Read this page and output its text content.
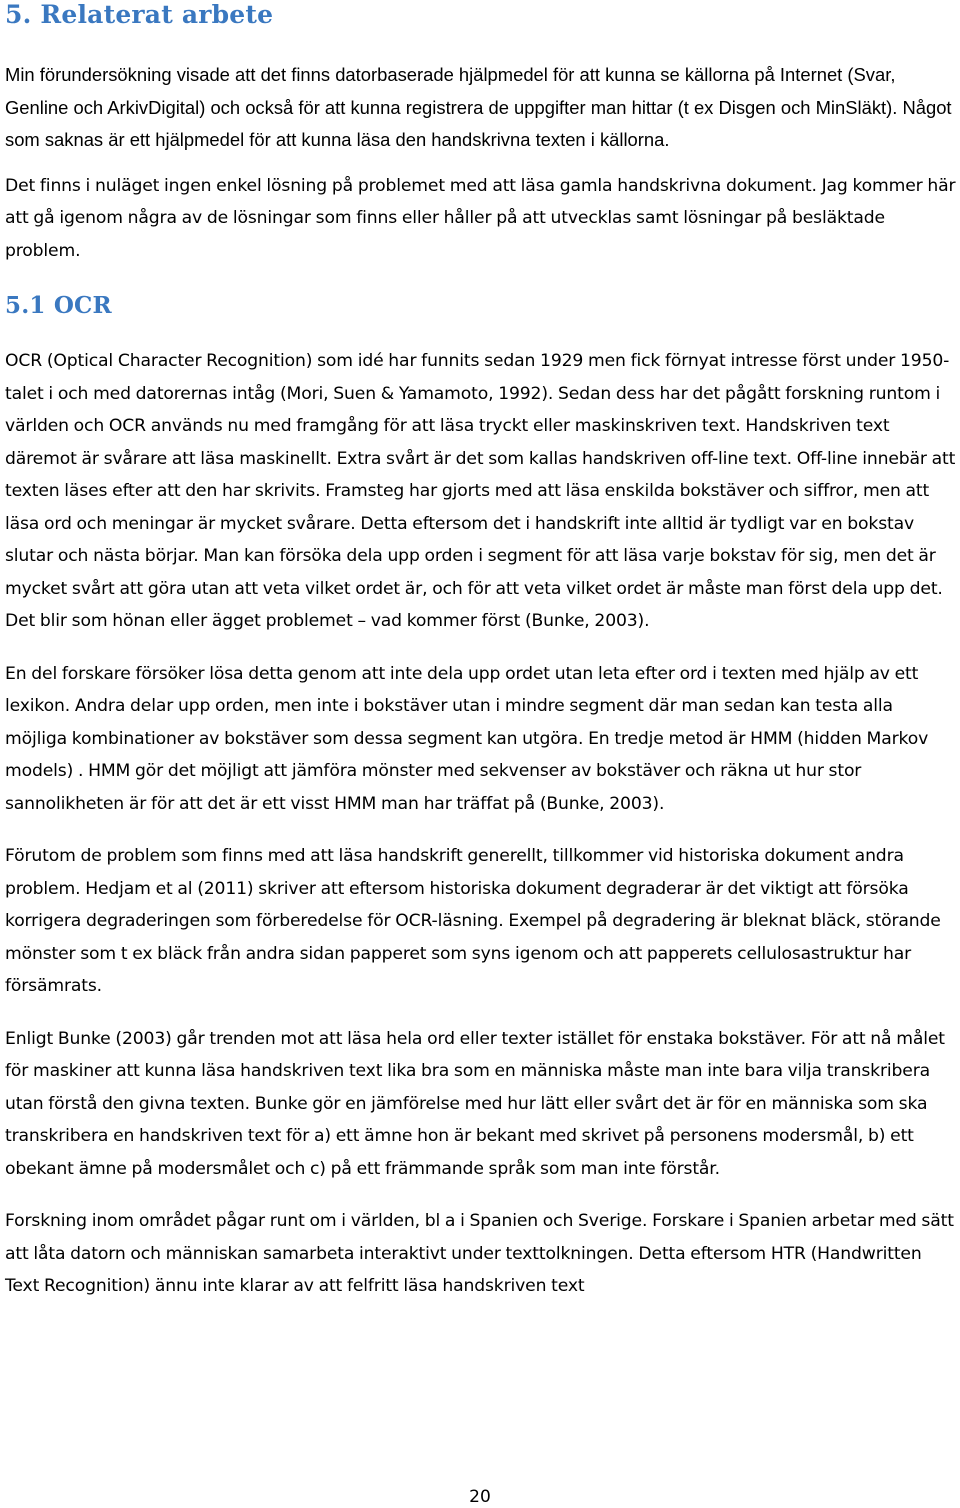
5. Relaterat arbete

Min förundersökning visade att det finns datorbaserade hjälpmedel för att kunna se källorna på Internet (Svar, Genline och ArkivDigital) och också för att kunna registrera de uppgifter man hittar (t ex Disgen och MinSläkt). Något som saknas är ett hjälpmedel för att kunna läsa den handskrivna texten i källorna.

Det finns i nuläget ingen enkel lösning på problemet med att läsa gamla handskrivna dokument. Jag kommer här att gå igenom några av de lösningar som finns eller håller på att utvecklas samt lösningar på besläktade problem.

5.1 OCR

OCR (Optical Character Recognition) som idé har funnits sedan 1929 men fick förnyat intresse först under 1950-talet i och med datorernas intåg (Mori, Suen & Yamamoto, 1992). Sedan dess har det pågått forskning runtom i världen och OCR används nu med framgång för att läsa tryckt eller maskinskriven text. Handskriven text däremot är svårare att läsa maskinellt. Extra svårt är det som kallas handskriven off-line text. Off-line innebär att texten läses efter att den har skrivits. Framsteg har gjorts med att läsa enskilda bokstäver och siffror, men att läsa ord och meningar är mycket svårare. Detta eftersom det i handskrift inte alltid är tydligt var en bokstav slutar och nästa börjar. Man kan försöka dela upp orden i segment för att läsa varje bokstav för sig, men det är mycket svårt att göra utan att veta vilket ordet är, och för att veta vilket ordet är måste man först dela upp det. Det blir som hönan eller ägget problemet – vad kommer först (Bunke, 2003).

En del forskare försöker lösa detta genom att inte dela upp ordet utan leta efter ord i texten med hjälp av ett lexikon. Andra delar upp orden, men inte i bokstäver utan i mindre segment där man sedan kan testa alla möjliga kombinationer av bokstäver som dessa segment kan utgöra. En tredje metod är HMM (hidden Markov models) . HMM gör det möjligt att jämföra mönster med sekvenser av bokstäver och räkna ut hur stor sannolikheten är för att det är ett visst HMM man har träffat på (Bunke, 2003).

Förutom de problem som finns med att läsa handskrift generellt, tillkommer vid historiska dokument andra problem. Hedjam et al (2011) skriver att eftersom historiska dokument degraderar är det viktigt att försöka korrigera degraderingen som förberedelse för OCR-läsning. Exempel på degradering är bleknat bläck, störande mönster som t ex bläck från andra sidan papperet som syns igenom och att papperets cellulosastruktur har försämrats.

Enligt Bunke (2003) går trenden mot att läsa hela ord eller texter istället för enstaka bokstäver. För att nå målet för maskiner att kunna läsa handskriven text lika bra som en människa måste man inte bara vilja transkribera utan förstå den givna texten. Bunke gör en jämförelse med hur lätt eller svårt det är för en människa som ska transkribera en handskriven text för a) ett ämne hon är bekant med skrivet på personens modersmål, b) ett obekant ämne på modersmålet och c) på ett främmande språk som man inte förstår.

Forskning inom området pågar runt om i världen, bl a i Spanien och Sverige. Forskare i Spanien arbetar med sätt att låta datorn och människan samarbeta interaktivt under texttolkningen. Detta eftersom HTR (Handwritten Text Recognition) ännu inte klarar av att felfritt läsa handskriven text

20
